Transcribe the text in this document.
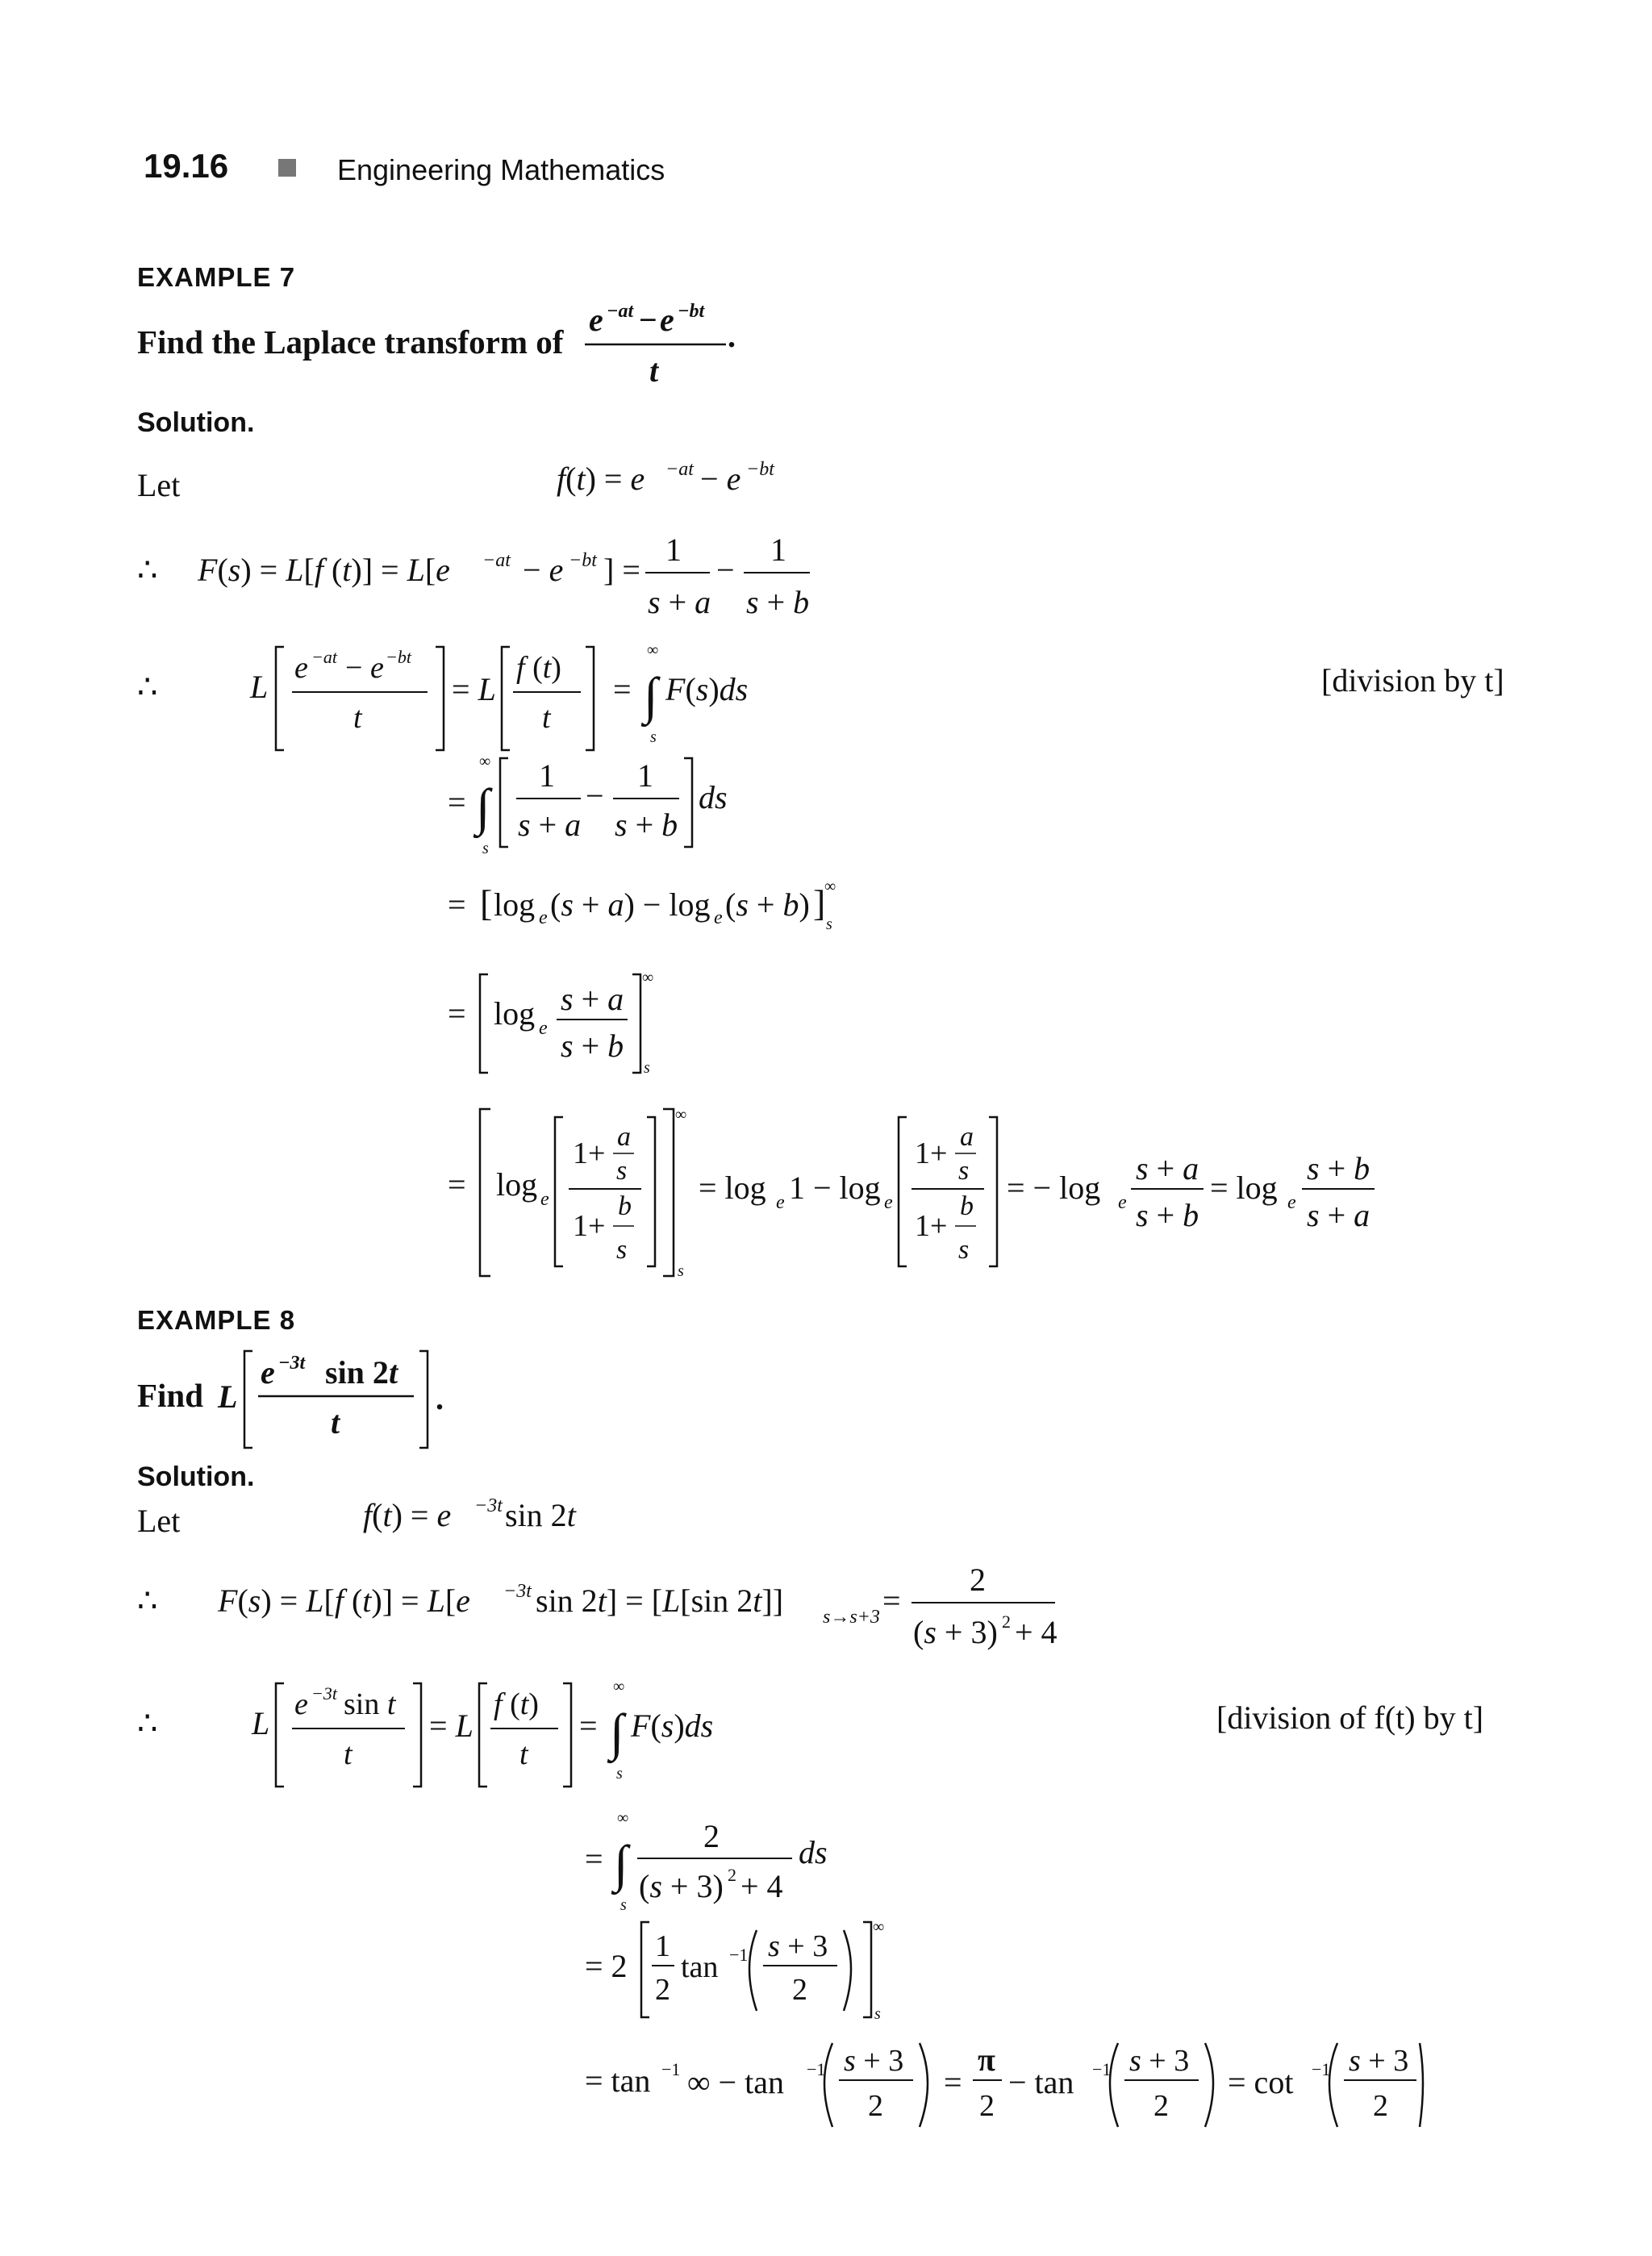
19.16	Engineering Mathematics
EXAMPLE 7
Find the Laplace transform of
e −at − e −bt
t
.
Solution.
Let	f(t) = e −at − e −bt
∴ F(s) = L[f (t)] = L[e −at − e −bt ] =
1
s + a
−
1
s + b
∴	L
e −at − e −bt
t
= L
f (t)
t
=
∞
∫
s
F(s)ds	[division by t]
=
∞
∫
s
1
s + a
−
1
s + b
ds
= [ log e (s + a) − log e (s + b) ]
∞
s
= log e
s + a
s + b
∞
s
= log e
1+ a
s
b
1+
s
∞
s
= log e 1 − log e
1+ a
s
b
1+
s
= − log e
s + a
s + b
= log e
s + b
s + a
EXAMPLE 8
Find L
e −3t sin 2t
t
.
Solution.
Let	f(t) = e −3t sin 2t
∴ F(s) = L[f (t)] = L[e −3t sin 2t] = [L[sin 2t]] s→s+3 =
2
(s + 3) 2 + 4
∴	L
e −3t sin t
t
= L
f (t)
t
=
∞
∫
s
F(s)ds	[division of f(t) by t]
=
∞
∫
s
2
(s + 3) 2 + 4
ds
= 2
1
2
tan −1 s + 3
2
∞
s
= tan −1 ∞ − tan −1 s + 3
2
=
π
2
− tan −1 s + 3
2
= cot −1 s + 3
2
